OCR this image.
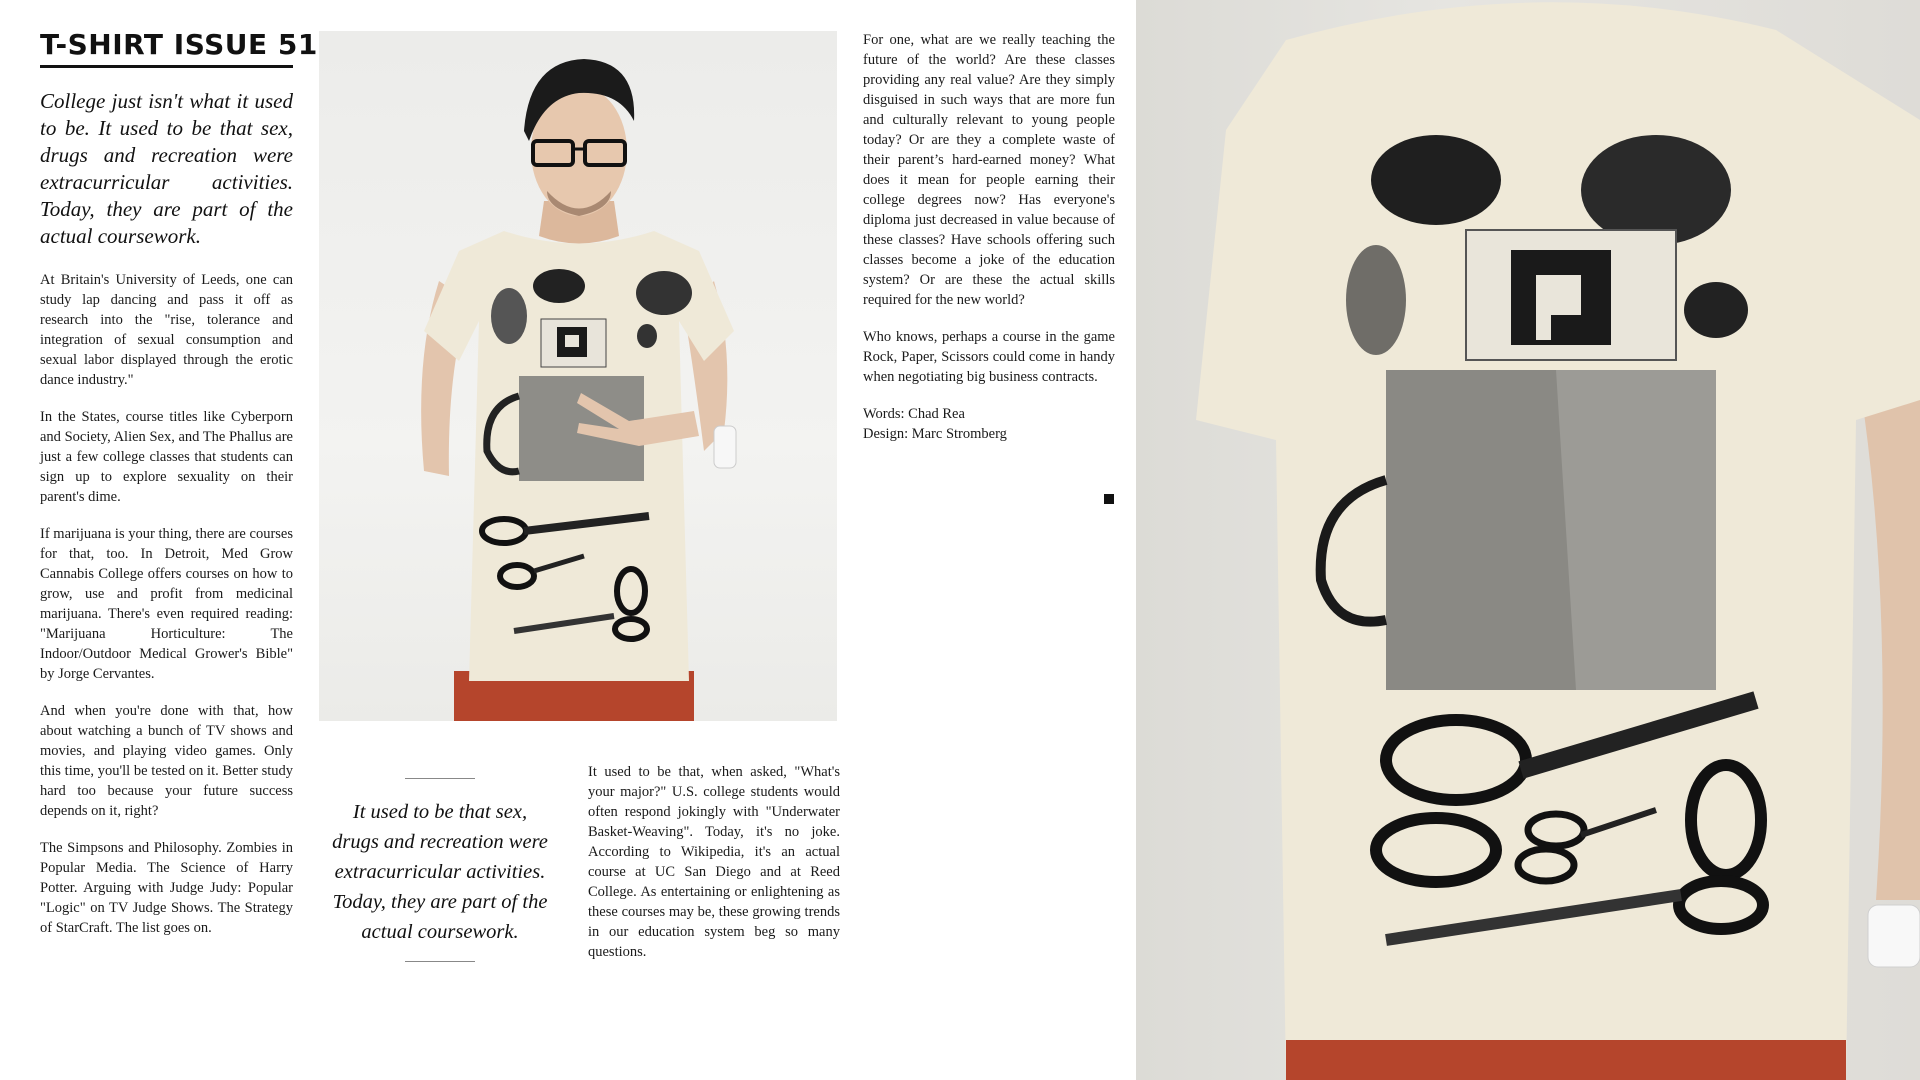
T-SHIRT ISSUE 51

College just isn't what it used to be. It used to be that sex, drugs and recreation were extracurricular activities. Today, they are part of the actual coursework.

At Britain's University of Leeds, one can study lap dancing and pass it off as research into the "rise, tolerance and integration of sexual consumption and sexual labor displayed through the erotic dance industry."

In the States, course titles like Cyberporn and Society, Alien Sex, and The Phallus are just a few college classes that students can sign up to explore sexuality on their parent's dime.

If marijuana is your thing, there are courses for that, too. In Detroit, Med Grow Cannabis College offers courses on how to grow, use and profit from medicinal marijuana. There's even required reading: "Marijuana Horticulture: The Indoor/Outdoor Medical Grower's Bible" by Jorge Cervantes.

And when you're done with that, how about watching a bunch of TV shows and movies, and playing video games. Only this time, you'll be tested on it. Better study hard too because your future success depends on it, right?

The Simpsons and Philosophy. Zombies in Popular Media. The Science of Harry Potter. Arguing with Judge Judy: Popular "Logic" on TV Judge Shows. The Strategy of StarCraft. The list goes on.

It used to be that sex, drugs and recreation were extracurricular activities. Today, they are part of the actual coursework.

It used to be that, when asked, "What's your major?" U.S. college students would often respond jokingly with "Underwater Basket-Weaving". Today, it's no joke. According to Wikipedia, it's an actual course at UC San Diego and at Reed College. As entertaining or enlightening as these courses may be, these growing trends in our education system beg so many questions.

For one, what are we really teaching the future of the world? Are these classes providing any real value? Are they simply disguised in such ways that are more fun and culturally relevant to young people today? Or are they a complete waste of their parent’s hard-earned money? What does it mean for people earning their college degrees now? Has everyone's diploma just decreased in value because of these classes? Have schools offering such classes become a joke of the education system? Or are these the actual skills required for the new world?

Who knows, perhaps a course in the game Rock, Paper, Scissors could come in handy when negotiating big business contracts.

Words: Chad Rea

Design: Marc Stromberg
